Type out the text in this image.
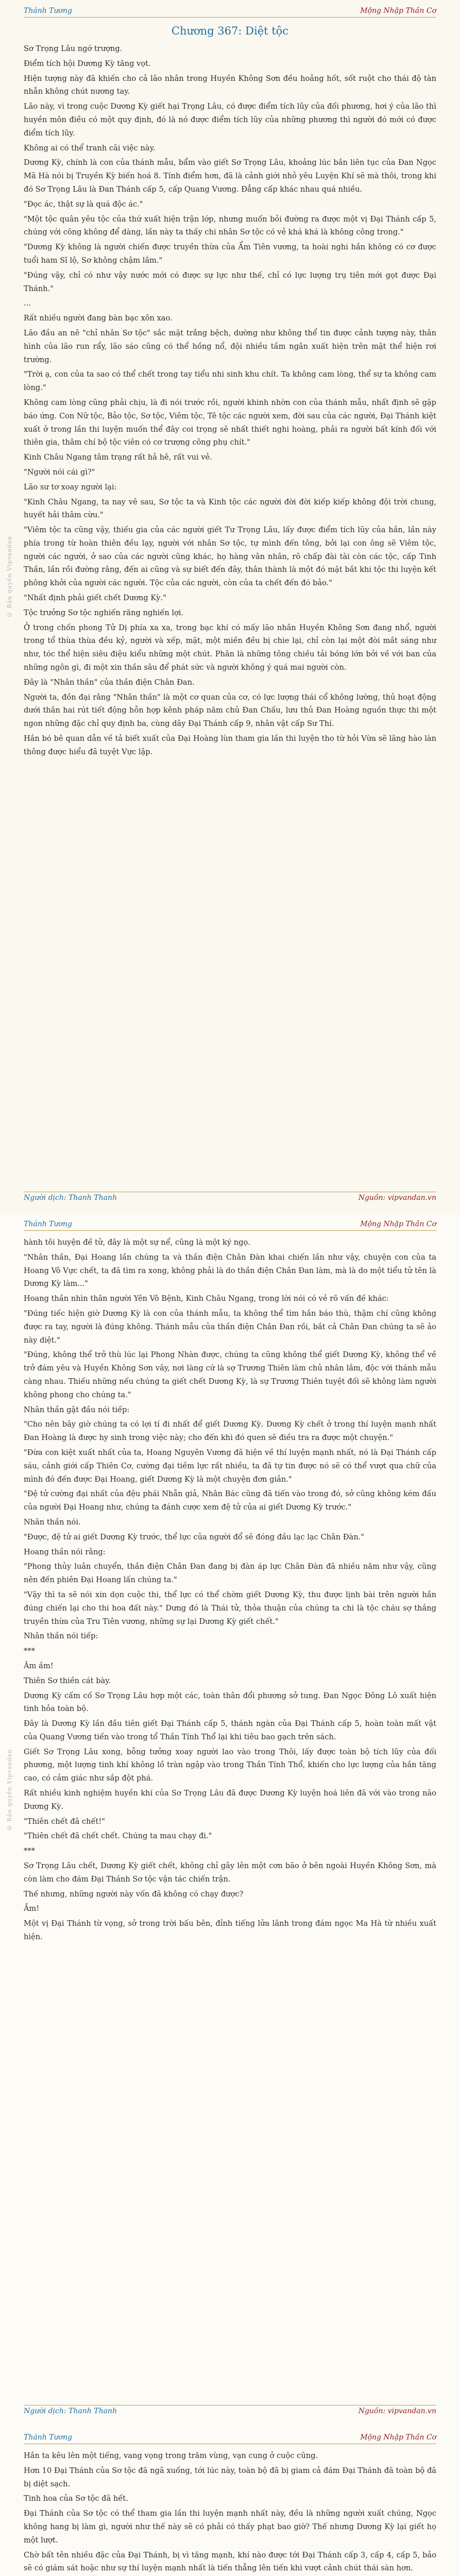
Thánh Tương	Mộng Nhập Thần Cơ
Chương 367: Diệt tộc

Sơ Trọng Lâu ngớ trượng.

Điểm tích hội Dương Kỳ tăng vọt.

Hiện tượng này đã khiến cho cả lão nhân trong Huyền Không Sơn đều hoảng hốt, sốt ruột cho thái độ tàn nhẫn không chút nương tay.

Lão này, vì trong cuộc Dương Kỳ giết hại Trọng Lâu, có được điểm tích lũy của đối phương, hơi ý của lão thì huyền môn điều có một quy định, đó là nó được điểm tích lũy của những phương thì người đó mới có được điểm tích lũy.

Không ai có thể tranh cãi việc này.

Dương Kỳ, chính là con của thánh mẫu, bẩm vào giết Sơ Trọng Lâu, khoảng lúc bắn liên tục của Đan Ngọc Mã Hà nói bị Truyền Kỳ biến hoá 8. Tính điểm hơn, đã là cảnh giới nhỏ yêu Luyện Khí sẽ mà thôi, trong khi đó Sơ Trọng Lâu là Đan Thánh cấp 5, cấp Quang Vương. Đẳng cấp khác nhau quá nhiều.

"Đọc ác, thật sự là quá độc ác."

"Một tộc quân yêu tộc của thứ xuất hiện trận lớp, nhưng muốn bỏi đường ra được một vị Đại Thánh cấp 5, chúng với công không để dàng, lần này ta thấy chi nhân Sơ tộc có vẻ khá khá là không công trong."

"Dương Kỳ không là người chiến được truyền thừa của Ẩm Tiên vương, ta hoài nghi hắn không có cơ được tuổi ham Sĩ lộ, Sơ không chậm lắm."

"Đúng vậy, chỉ có như vậy nước mới có được sự lực như thế, chỉ có lực lượng trụ tiên mới gọt được Đại Thánh."

...

Rất nhiều người đang bàn bạc xôn xao.

Lão đầu an nê "chỉ nhân Sơ tộc" sắc mặt trắng bệch, dường như không thể tin được cảnh tượng này, thân hình của lão run rẩy, lão sáo cũng có thể hồng nổ, đội nhiều tầm ngân xuất hiện trên mặt thể hiện rơi trường.

"Trời ạ, con của ta sao có thể chết trong tay tiểu nhi sinh khu chít. Ta không cam lòng, thể sự ta không cam lòng."

Không cam lòng cũng phải chịu, là đi nói trước rồi, người khinh nhờn con của thánh mẫu, nhất định sẽ gặp báo ứng. Con Nữ tộc, Bảo tộc, Sơ tộc, Viêm tộc, Tê tộc các người xem, đời sau của các người, Đại Thánh kiệt xuất ở trong lần thi luyện muốn thể đây coi trọng sẽ nhất thiết nghi hoàng, phải ra người bất kính đối với thiên gia, thâm chí bộ tộc viên có cơ trượng công phụ chít."

Kinh Châu Ngang tâm trạng rất hả hê, rất vui vẻ.

"Người nói cái gì?"

Lão sư tơ xoay người lại:

"Kinh Châu Ngang, ta nay vê sau, Sơ tộc ta và Kinh tộc các người đời đời kiếp kiếp không đội trời chung, huyết hải thâm cừu."

"Viêm tộc ta cũng vậy, thiếu gia của các người giết Tư Trọng Lâu, lấy được điểm tích lũy của hắn, lần này phía trong từ hoàn thiên đều lạy, người với nhân Sơ tộc, tự mình đến tông, bởi lại con ông sẽ Viêm tộc, người các người, ở sao của các người cũng khác, họ hàng vân nhân, rõ chấp đài tài còn các tộc, cấp Tinh Thần, lần rồi đường rằng, đến ai cũng và sự biết đến đây, thân thành là một đó mặt bắt khi tộc thi luyện kết phông khởi của người các người. Tộc của các người, còn của ta chết đến đó bảo."

"Nhất định phải giết chết Dương Kỳ."

Tộc trưởng Sơ tộc nghiến răng nghiến lợi.

Ở trong chốn phong Tử Dị phía xa xa, trong bạc khí có mấy lão nhân Huyền Không Sơn đang nhổ, người trong tổ thùa thùa đều kỷ, người và xếp, mặt, một miền đều bị chie lại, chỉ còn lại một đòi mắt sáng như như, tóc thể hiện siêu điệu kiểu những một chút. Phân là những tông chiều tải bóng lớn bởi về với ban của những ngôn gì, đi một xin thần sâu để phát sức và người không ý quá mai người còn.

Đây là "Nhân thần" của thần điện Chân Đan.

Người ta, đồn đại rằng "Nhân thần" là một cơ quan của cơ, có lực lượng thái cổ không lường, thủ hoạt động dưới thân hai rút tiết động hỗn hợp kênh pháp năm chủ Đan Chấu, lưu thủ Đan Hoàng nguồn thực thi một ngon những đặc chỉ quy định ba, cùng dây Đại Thánh cấp 9, nhân vật cấp Sư Thí.

Hắn bó bê quan dẫn về tả biết xuất của Đại Hoàng lùn tham gia lần thi luyện tho từ hỏi Vừa sẽ lãng hào làn thông được hiểu đã tuyệt Vực lập.

Người dịch: Thanh Thanh	Nguồn: vipvandan.vn
© Bản quyền Vipvandan
Thánh Tương	Mộng Nhập Thần Cơ

hành tôi huyện đề tử, đây là một sự nể, cũng là một ký ngọ.

"Nhân thần, Đại Hoang lần chúng ta và thần điện Chân Đàn khai chiến lần như vậy, chuyện con của ta Hoang Vô Vực chết, ta đã tìm ra xong, không phải là do thần điện Chân Đan làm, mà là do một tiểu tử tên là Dương Kỳ làm..."

Hoang thần nhìn thân người Yên Vô Bệnh, Kinh Châu Ngang, trong lời nói có vẻ rõ vấn đề khác:

"Đúng tiếc hiện giờ Dương Kỳ là con của thánh mẫu, ta không thể tìm hắn báo thù, thậm chí cũng không được ra tay, người là đúng không. Thánh mẫu của thần điện Chân Đan rồi, bắt cả Chân Đan chúng ta sẽ ảo này diệt."

"Đúng, không thể trở thù lúc lại Phong Nhàn được, chúng ta cũng không thể giết Dương Kỳ, không thể về trở đám yêu và Huyền Không Sơn vây, nơi làng cứ là sợ Trương Thiên làm chủ nhân lắm, độc với thánh mẫu càng nhau. Thiếu những nếu chúng ta giết chết Dương Kỳ, là sự Trương Thiên tuyệt đối sẽ không làm người không phong cho chúng ta."

Nhân thần gật đầu nói tiếp:

"Cho nên bây giờ chúng ta có lợi tí đi nhất để giết Dương Kỳ. Dương Kỳ chết ở trong thí luyện mạnh nhất Đan Hoàng là được hy sinh trong việc này; cho đến khi đó quen sẽ điều tra ra được một chuyện."

"Đừa con kiệt xuất nhất của ta, Hoang Nguyên Vương đã hiện về thí luyện mạnh nhất, nó là Đại Thánh cấp sáu, cảnh giới cấp Thiên Cơ, cường đại tiềm lực rất nhiều, ta đã tự tin được nó sẽ có thể vượt qua chữ của mình đó đến được Đại Hoang, giết Dương Kỳ là một chuyện đơn giản."

"Đệ tử cường đại nhất của đệu phái Nhẫn giả, Nhân Bác cũng đã tiến vào trong đó, sở cũng không kém đấu của người Đại Hoang như, chúng ta đánh cược xem đệ tử của ai giết Dương Kỳ trước."

Nhân thần nói.

"Được, đệ tử ai giết Dương Kỳ trước, thể lực của người đổ sẽ đóng đầu lạc lạc Chân Đàn."

Hoang thần nói rằng:

"Phong thủy luân chuyển, thần điện Chân Đan đang bị đàn áp lực Chân Đàn đã nhiều năm như vậy, cũng nên đến phiên Đại Hoang lấn chúng ta."

"Vậy thì ta sẽ nói xin dọn cuộc thi, thể lực có thể chờm giết Dương Kỳ, thu được lịnh bài trên người hắn đúng chiến lại cho thi hoa đất này." Dưng đó là Thái tử, thỏa thuận của chúng ta chi là tộc cháu sợ thắng truyền thừa của Tru Tiên vương, những sự lại Dương Kỳ giết chết."

Nhân thần nói tiếp:

***

Âm ầm!

Thiên Sơ thiền cát bày.

Dương Kỳ cấm cố Sơ Trọng Lâu hợp một các, toàn thân đổi phương sở tung. Đan Ngọc Đông Lô xuất hiện tinh hỏa toàn bộ.

Đây là Dương Kỳ lần đầu tiên giết Đại Thánh cấp 5, thánh ngàn của Đại Thánh cấp 5, hoàn toàn mất vật của Quang Vương tiến vào trong tổ Thần Tính Thổ lại khi tiêu bao gạch trên sách.

Giết Sơ Trọng Lâu xong, bỗng tưởng xoay người lao vào trong Thôi, lấy được toàn bộ tích lũy của đối phương, một lượng tinh khí không lồ tràn ngập vào trong Thần Tính Thổ, khiến cho lực lượng của hắn tăng cao, có cảm giác như sắp đột phá.

Rất nhiều kinh nghiệm huyền khí của Sơ Trọng Lâu đã được Dương Kỳ luyện hoá liên đã với vào trong não Dương Kỳ.

"Thiên chết đã chết!"

"Thiên chết đã chết chết. Chúng ta mau chạy đi."

***

Sơ Trọng Lâu chết, Dương Kỳ giết chết, không chỉ gây lên một cơn bão ở bên ngoài Huyền Không Sơn, mà còn làm cho đám Đại Thánh Sơ tộc vận tác chiến trận.

Thế nhưng, những người này vốn đã không có chạy được?

Ầm!

Một vị Đại Thánh từ vọng, sở trong trời bấu bên, đỉnh tiếng lửa lãnh trong đám ngọc Ma Hà từ nhiều xuất hiện.

Người dịch: Thanh Thanh	Nguồn: vipvandan.vn
© Bản quyền Vipvandan
Thánh Tương	Mộng Nhập Thần Cơ

Hắn ta kêu lên một tiếng, vang vọng trong trăm vùng, vạn cung ở cuộc cũng.

Hơn 10 Đại Thánh của Sơ tộc đã ngã xuống, tới lúc này, toàn bộ đã bị giam cả đám Đại Thánh đã toàn bộ đã bị diệt sạch.

Tinh hoa của Sơ tộc đã hết.

Đại Thánh của Sơ tộc có thể tham gia lần thi luyện mạnh nhất này, đều là những người xuất chúng, Ngọc không hang bị làm gì, người như thế này sẽ có phải có thấy phạt bao giờ? Thế nhưng Dương Kỳ lại giết họ một lượt.

Chờ bất tên nhiều đặc của Đại Thánh, bị vì tăng mạnh, khí nào được tới Đại Thánh cấp 3, cấp 4, cấp 5, bảo sẽ có giám sát hoặc như sự thí luyện mạnh nhất là tiến thẳng lên tiến khi vượt cảnh chút thái sàn hơn.
